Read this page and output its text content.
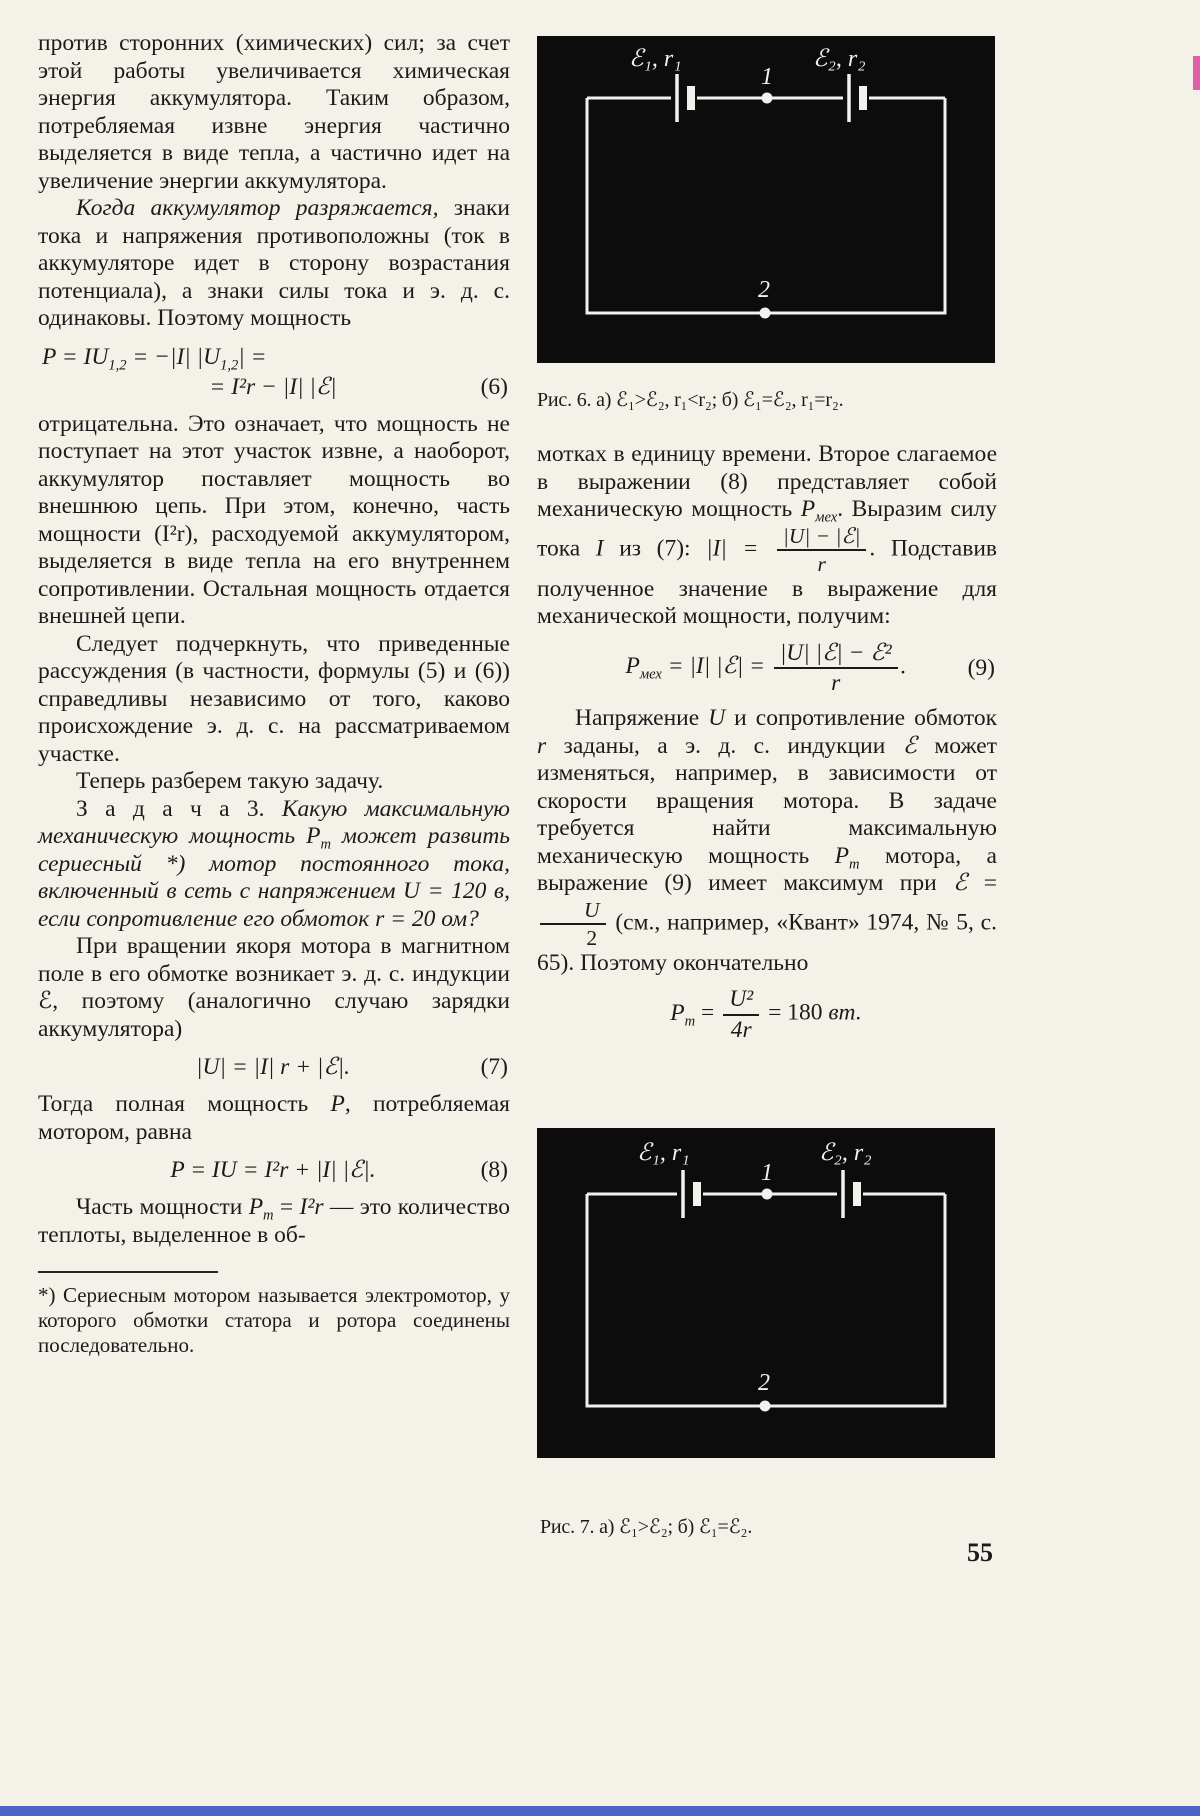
против сторонних (химических) сил; за счет этой работы увеличивается химическая энергия аккумулятора. Таким образом, потребляемая извне энергия частично выделяется в виде тепла, а частично идет на увеличение энергии аккумулятора.

Когда аккумулятор разряжается, знаки тока и напряжения противоположны (ток в аккумуляторе идет в сторону возрастания потенциала), а знаки силы тока и э. д. с. одинаковы. Поэтому мощность

$P = IU_{1,2} = -|I|$ $|U_{1,2}|$ =
= I²r − |I| |ℰ|	(6)

отрицательна. Это означает, что мощность не поступает на этот участок извне, а наоборот, аккумулятор поставляет мощность во внешнюю цепь. При этом, конечно, часть мощности (I²r), расходуемой аккумулятором, выделяется в виде тепла на его внутреннем сопротивлении. Остальная мощность отдается внешней цепи.

Следует подчеркнуть, что приведенные рассуждения (в частности, формулы (5) и (6)) справедливы независимо от того, каково происхождение э. д. с. на рассматриваемом участке.

Теперь разберем такую задачу.

З а д а ч а 3. Какую максимальную механическую мощность $P_m$ может развить сериесный *) мотор постоянного тока, включенный в сеть с напряжением U = 120 в, если сопротивление его обмоток r = 20 ом?

При вращении якоря мотора в магнитном поле в его обмотке возникает э. д. с. индукции ℰ, поэтому (аналогично случаю зарядки аккумулятора)

|U| = |I| r + |ℰ|.	(7)

Тогда полная мощность P, потребляемая мотором, равна

P = IU = I²r + |I| |ℰ|.	(8)

Часть мощности $P_т = I^2r$ — это количество теплоты, выделенное в об-

*) Сериесным мотором называется электромотор, у которого обмотки статора и ротора соединены последовательно.

ℰ₁, r₁	ℰ₂, r₂
1
2

Рис. 6. а) ℰ₁>ℰ₂, r₁<r₂; б) ℰ₁=ℰ₂, r₁=r₂.

мотках в единицу времени. Второе слагаемое в выражении (8) представляет собой механическую мощность $P_{мех}$. Выразим силу тока I из (7): $|I| = \frac{\text{|U| − |ℰ|}}{r}$ . Подставив полученное значение в выражение для механической мощности, получим:

$P_{мех} = |I|$ |ℰ| = $\frac{\text{|U| |ℰ| − ℰ²}}{r}$ .	(9)

Напряжение U и сопротивление обмоток r заданы, а э. д. с. индукции ℰ может изменяться, например, в зависимости от скорости вращения мотора. В задаче требуется найти максимальную механическую мощность $P_m$ мотора, а выражение (9) имеет максимум при ℰ =
$\frac{U}{2} (см$., например, «Квант» 1974, № 5, с. 65). Поэтому окончательно

$P_m = \frac{\text{U²}}{4r} = 180$ вт.
ℰ₁, r₁	ℰ₂, r₂
1
2

Рис. 7. а) ℰ₁>ℰ₂; б) ℰ₁=ℰ₂.

55
